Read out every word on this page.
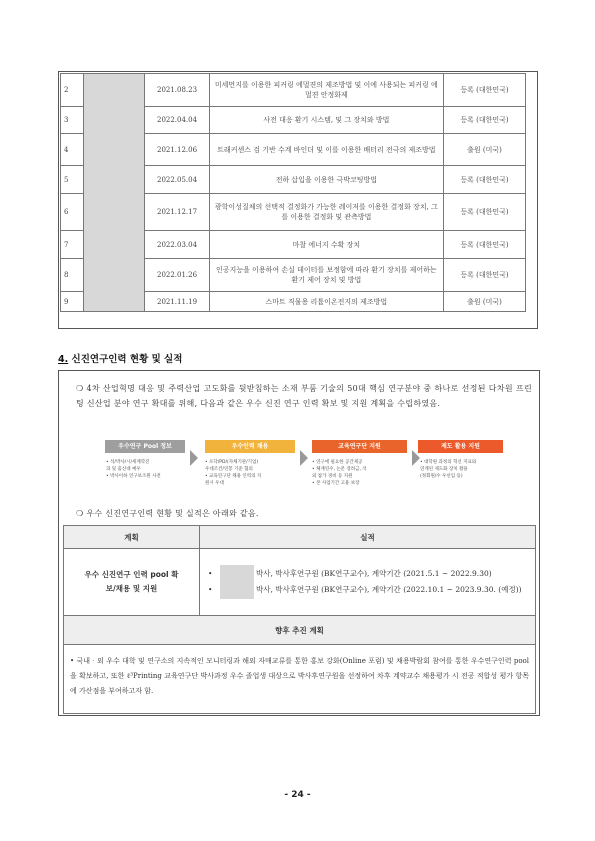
2		2021.08.23	미세먼지를 이용한 피커링 에멀젼의 제조방법 및 이에 사용되는 피커링 에멀젼 안정화제	등록 (대한민국)
3		2022.04.04	사전 대응 환기 시스템, 및 그 장치와 방법	등록 (대한민국)
4		2021.12.06	트래커센스 검 기반 수계 바인더 및 이를 이용한 배터리 전극의 제조방법	출원 (미국)
5		2022.05.04	전하 삽입을 이용한 극박코팅방법	등록 (대한민국)
6		2021.12.17	광학이성질체의 선택적 결정화가 가능한 레이저를 이용한 결정화 장치, 그를 이용한 결정화 및 관측방법	등록 (대한민국)
7		2022.03.04	마찰 에너지 수확 장치	등록 (대한민국)
8		2022.01.26	인공지능을 이용하여 손실 데이터를 보정함에 따라 환기 장치를 제어하는 환기 제어 장치 및 방법	등록 (대한민국)
9		2021.11.19	스마트 직물용 리튬이온전지의 제조방법	출원 (미국)
4. 신진연구인력 현황 및 실적
❍ 4차 산업혁명 대응 및 주력산업 고도화를 뒷받침하는 소재 부품 기술의 50대 핵심 연구분야 중 하나로 선정된 다차원 프린팅 신산업 분야 연구 확대를 위해, 다음과 같은 우수 신진 연구 인력 확보 및 지원 계획을 수립하였음.
우수연구 Pool 정보
• 석/박사/시/세계학진
과 및 출신대 예우
• 박사이하 연구보조원 사전
우수인력 채용
• 포닥/PD/(자체기관/기업)
우대조건/연봉 기준 협의
• 교육연구단 채용 인력의 지
원시 우대
교육연구단 지원
• 연구에 필요한 공간제공
• 체재연수, 논문 장려금, 석
외 참가 경비 등 지원
• 본 사업기간 고용 보장
제도 활용 지원
• 대학원 과정의 혁신 지표와
연계된 제도화 장치 활용
(정회원/수 우선임 등)
❍ 우수 신진연구인력 현황 및 실적은 아래와 같음.
계획	실적
우수 신진연구 인력 pool 확보/채용 및 지원	• 박사, 박사후연구원 (BK연구교수), 계약기간 (2021.5.1 ~ 2022.9.30)
• 박사, 박사후연구원 (BK연구교수), 계약기간 (2022.10.1 ~ 2023.9.30. (예정))

향후 추진 계획	
• 국내‧외 우수 대학 및 연구소의 지속적인 모니터링과 해외 자매교류를 통한 홍보 강화(Online 포럼) 및 채용박람회 참여를 통한 우수연구인력 pool을 확보하고, 또한 ℓ³Printing 교육연구단 박사과정 우수 졸업생 대상으로 박사후연구원을 선정하여 차후 계약교수 채용평가 시 전공 적합성 평가 항목에 가산점을 부여하고자 함.	
- 24 -
